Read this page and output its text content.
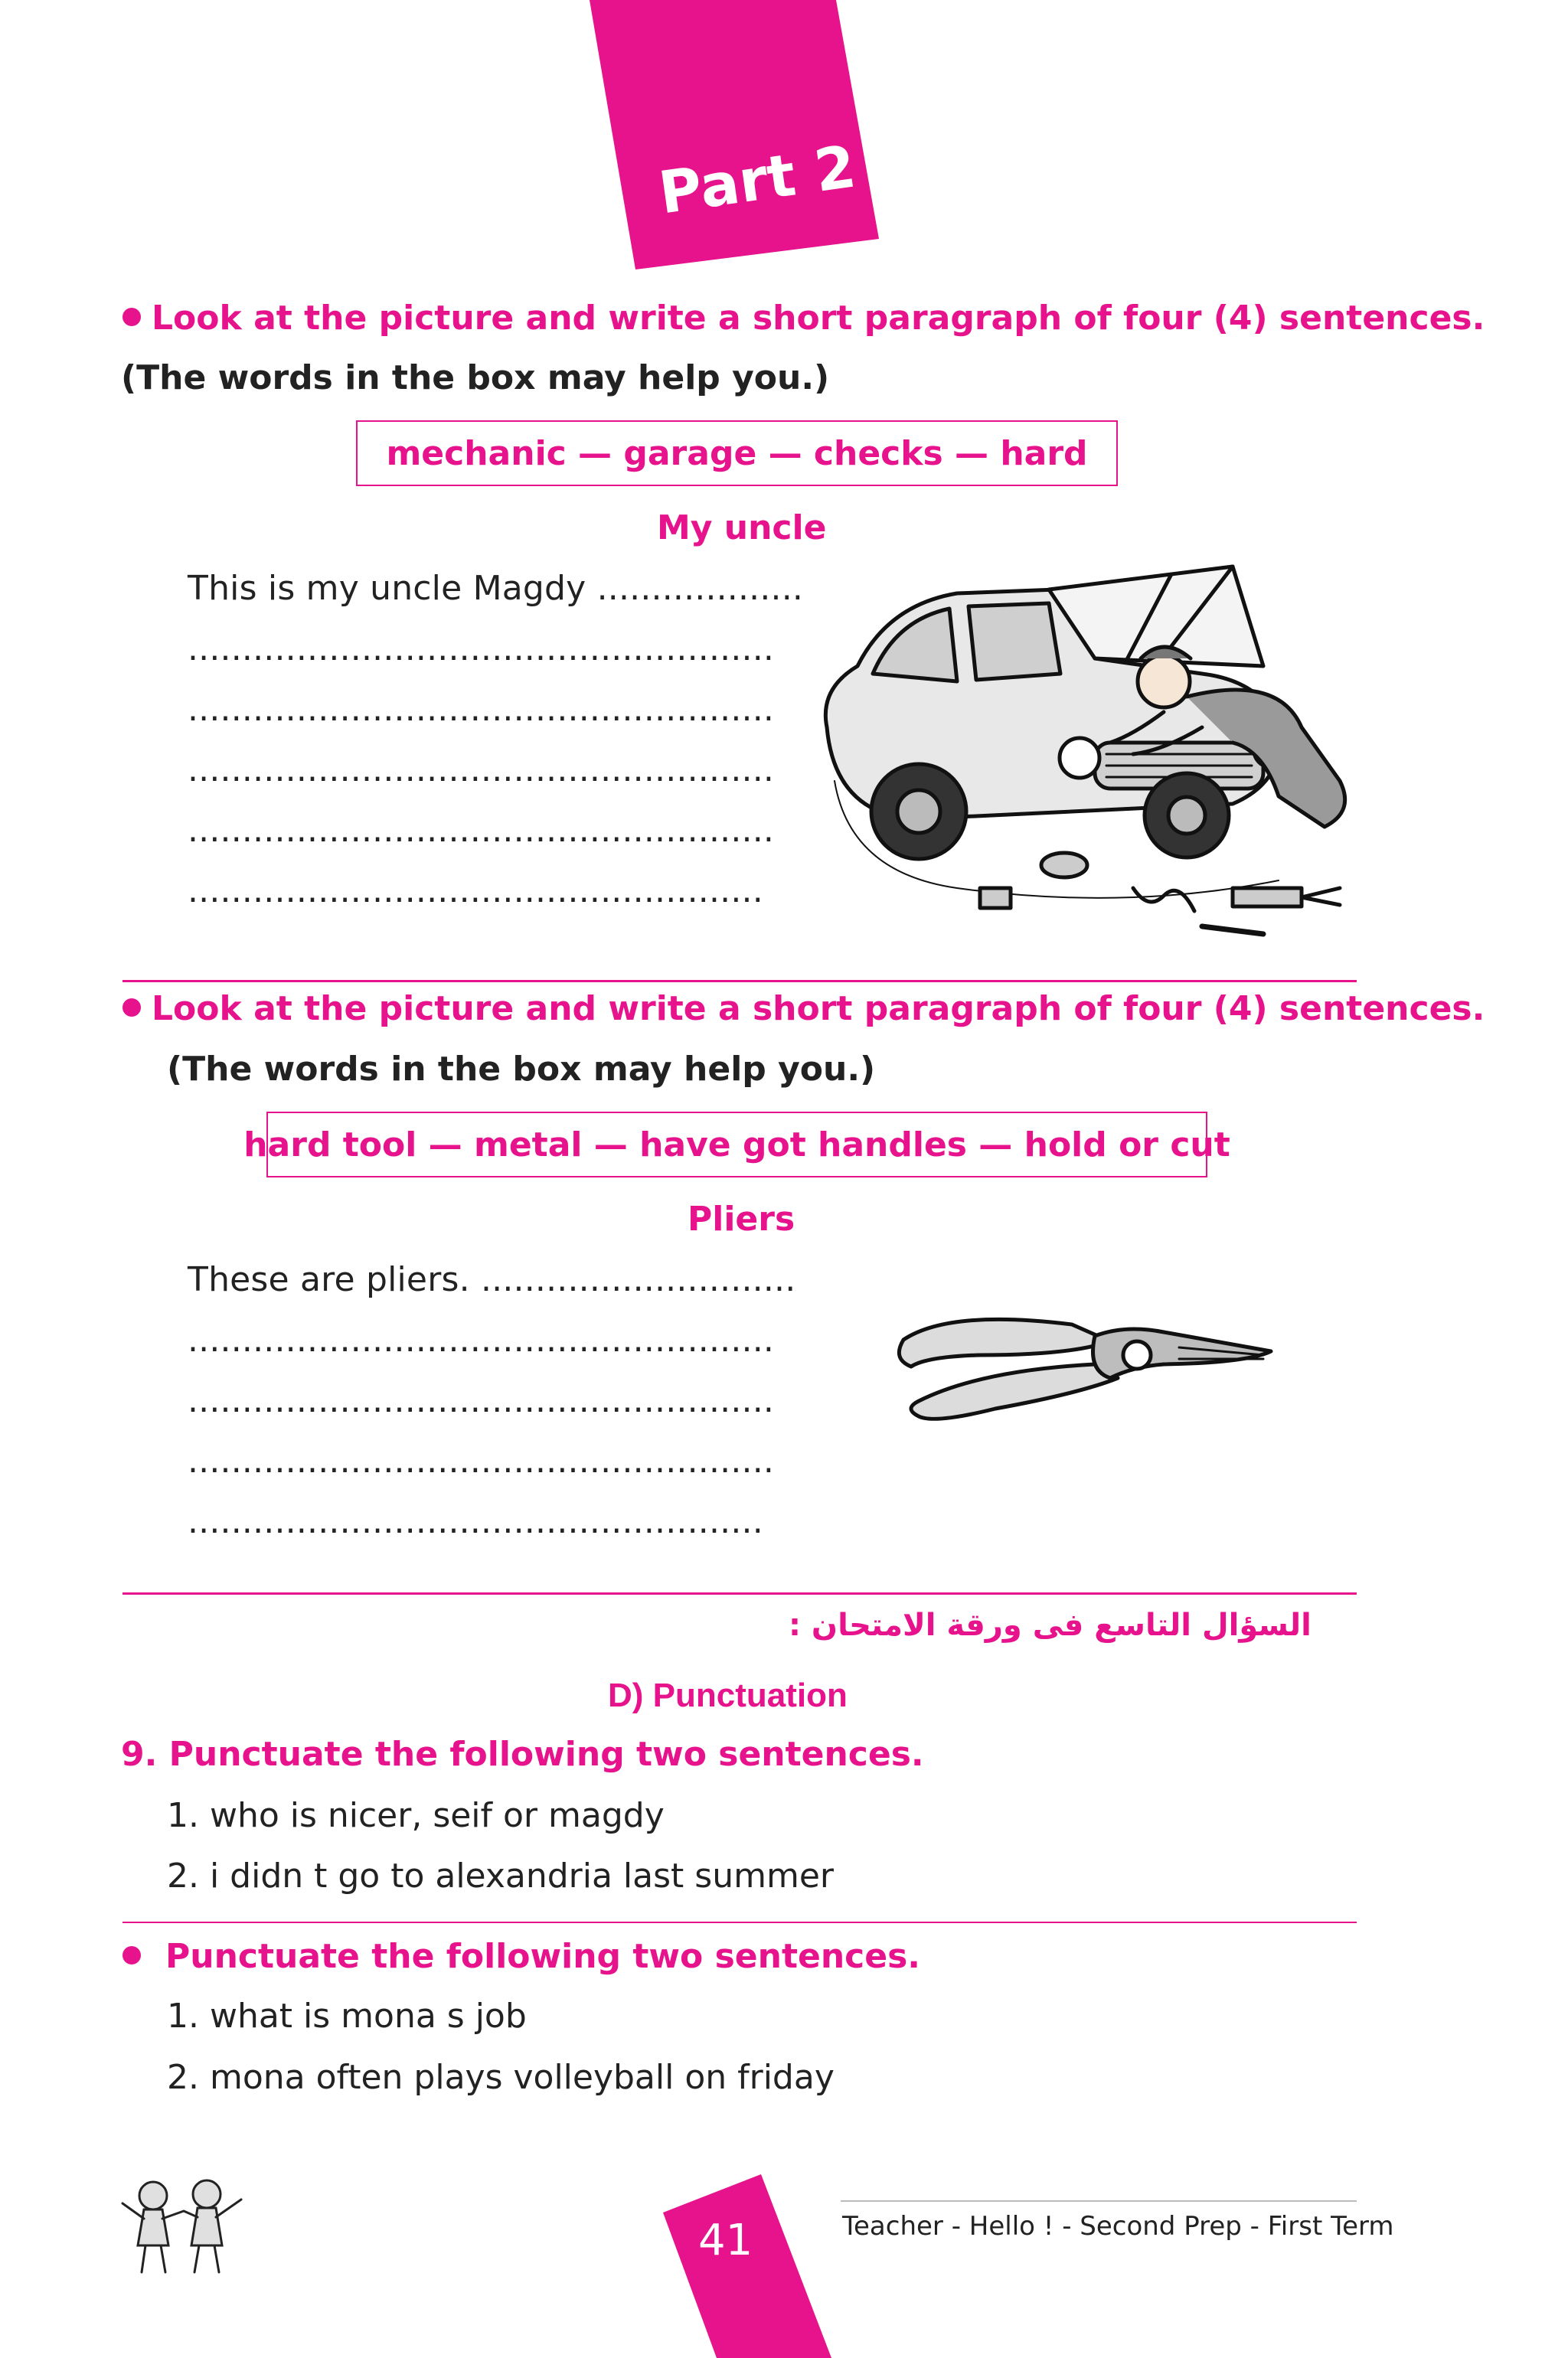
Part 2
Look at the picture and write a short paragraph of four (4) sentences.
(The words in the box may help you.)
mechanic — garage — checks — hard
My uncle
This is my uncle Magdy ...................
......................................................
......................................................
......................................................
......................................................
.....................................................
Look at the picture and write a short paragraph of four (4) sentences.
(The words in the box may help you.)
hard tool — metal — have got handles — hold or cut
Pliers
These are pliers. .............................
......................................................
......................................................
......................................................
.....................................................
السؤال التاسع فى ورقة الامتحان :
D) Punctuation
9. Punctuate the following two sentences.
1. who is nicer, seif or magdy
2. i didn t go to alexandria last summer
Punctuate the following two sentences.
1. what is mona s job
2. mona often plays volleyball on friday
41	Teacher - Hello ! - Second Prep - First Term
